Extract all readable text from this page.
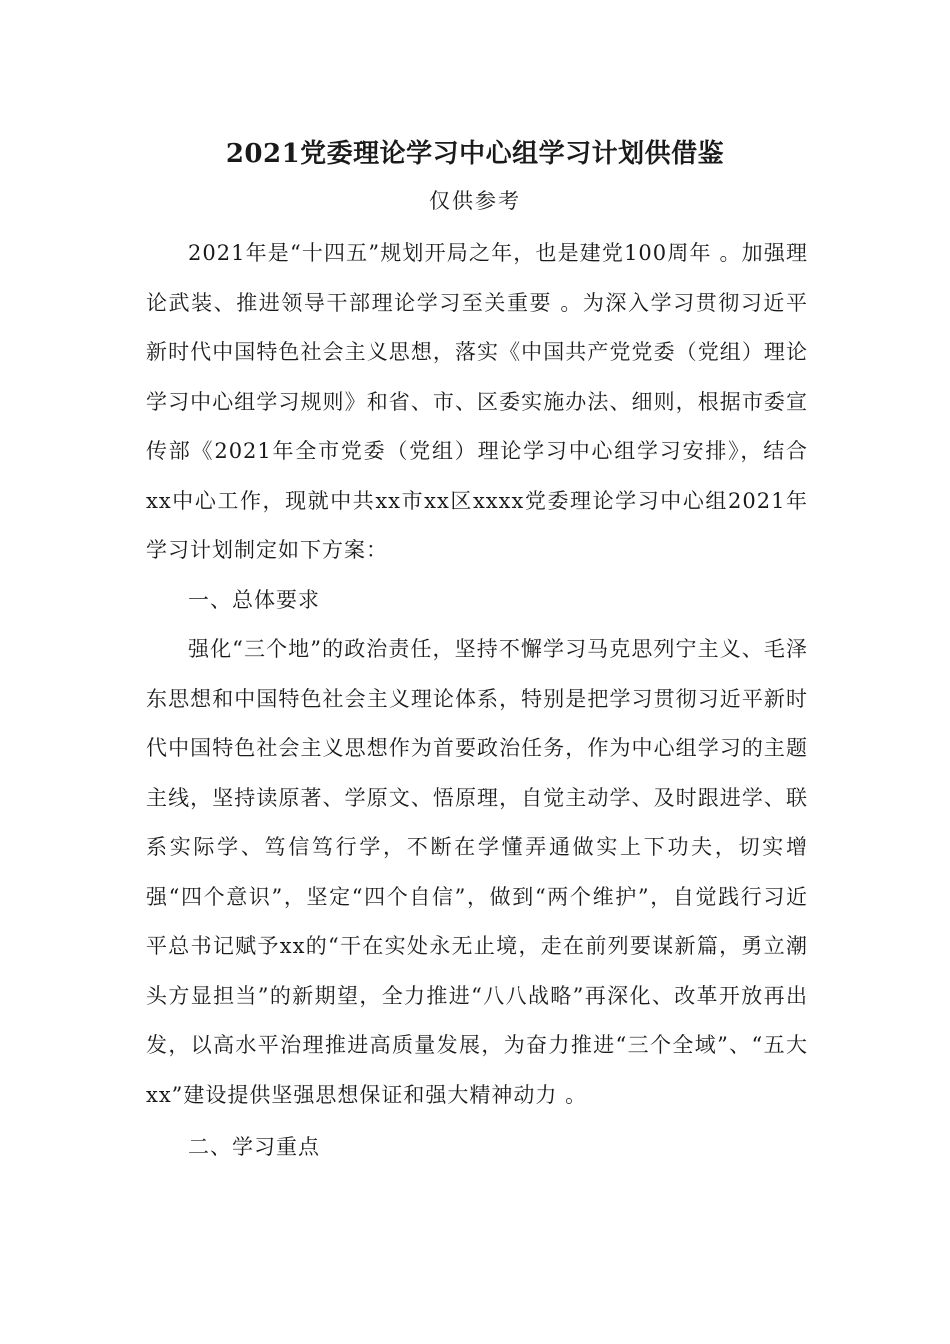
2021党委理论学习中心组学习计划供借鉴
仅供参考

2021年是“十四五”规划开局之年，也是建党100周年 。加强理论武装、推进领导干部理论学习至关重要 。为深入学习贯彻习近平新时代中国特色社会主义思想，落实《中国共产党党委（党组）理论学习中心组学习规则》和省、市、区委实施办法、细则，根据市委宣传部《2021年全市党委（党组）理论学习中心组学习安排》，结合xx中心工作，现就中共xx市xx区xxxx党委理论学习中心组2021年学习计划制定如下方案：

一、总体要求

强化“三个地”的政治责任，坚持不懈学习马克思列宁主义、毛泽东思想和中国特色社会主义理论体系，特别是把学习贯彻习近平新时代中国特色社会主义思想作为首要政治任务，作为中心组学习的主题主线，坚持读原著、学原文、悟原理，自觉主动学、及时跟进学、联系实际学、笃信笃行学，不断在学懂弄通做实上下功夫，切实增强“四个意识”，坚定“四个自信”，做到“两个维护”，自觉践行习近平总书记赋予xx的“干在实处永无止境，走在前列要谋新篇，勇立潮头方显担当”的新期望，全力推进“八八战略”再深化、改革开放再出发，以高水平治理推进高质量发展，为奋力推进“三个全域”、“五大xx”建设提供坚强思想保证和强大精神动力 。

二、学习重点
